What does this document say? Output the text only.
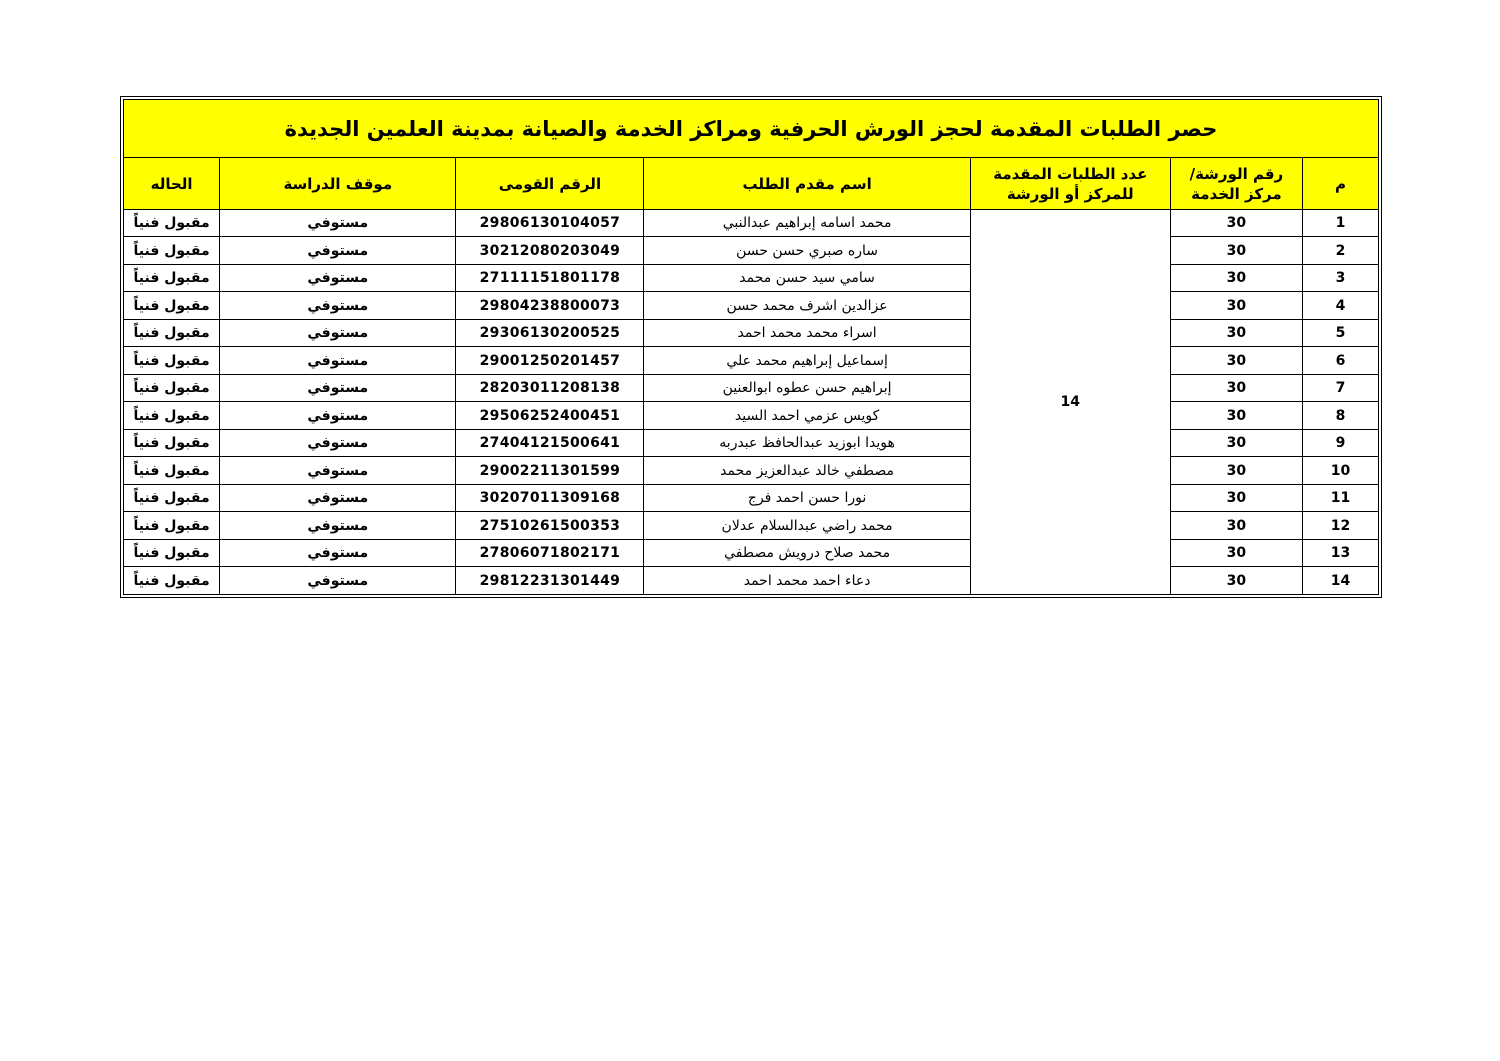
حصر الطلبات المقدمة لحجز الورش الحرفية ومراكز الخدمة والصيانة بمدينة العلمين الجديدة						
م	رقم الورشة/ مركز الخدمة	عدد الطلبات المقدمة للمركز أو الورشة	اسم مقدم الطلب	الرقم القومى	موقف الدراسة	الحاله
1	30	14	محمد اسامه إبراهيم عبدالنبي	29806130104057	مستوفي	مقبول فنياً
2	30		ساره صبري حسن حسن	30212080203049	مستوفي	مقبول فنياً
3	30		سامي سيد حسن محمد	27111151801178	مستوفي	مقبول فنياً
4	30		عزالدين اشرف محمد حسن	29804238800073	مستوفي	مقبول فنياً
5	30		اسراء محمد محمد احمد	29306130200525	مستوفي	مقبول فنياً
6	30		إسماعيل إبراهيم محمد علي	29001250201457	مستوفي	مقبول فنياً
7	30		إبراهيم حسن عطوه ابوالعنين	28203011208138	مستوفي	مقبول فنياً
8	30		كويس عزمي احمد السيد	29506252400451	مستوفي	مقبول فنياً
9	30		هويدا ابوزيد عبدالحافظ عبدربه	27404121500641	مستوفي	مقبول فنياً
10	30		مصطفي خالد عبدالعزيز محمد	29002211301599	مستوفي	مقبول فنياً
11	30		نورا حسن احمد فرج	30207011309168	مستوفي	مقبول فنياً
12	30		محمد راضي عبدالسلام عدلان	27510261500353	مستوفي	مقبول فنياً
13	30		محمد صلاح درويش مصطفي	27806071802171	مستوفي	مقبول فنياً
14	30		دعاء احمد محمد احمد	29812231301449	مستوفي	مقبول فنياً
